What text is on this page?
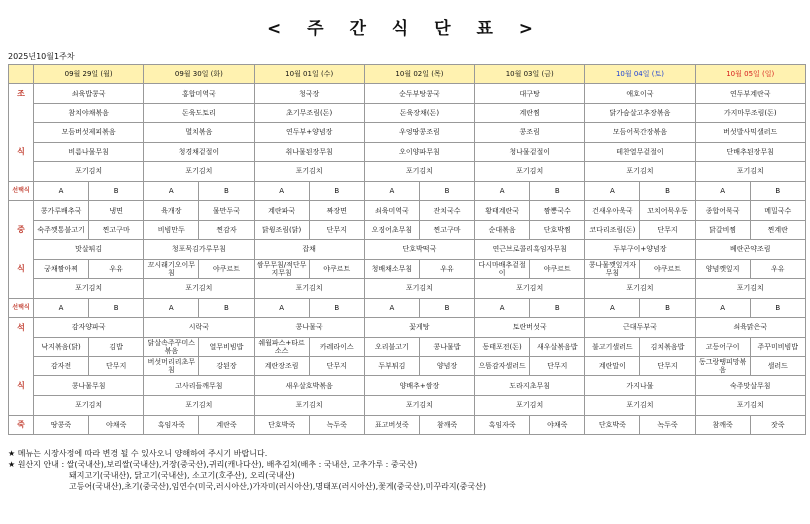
< 주 간 식 단 표 >
2025년10월1주차
	09월 29일 (월)		09월 30일 (화)		10월 01일 (수)		10월 02일 (목)		10월 03일 (금)		10월 04일 (토)		10월 05일 (일)	
조	쇠육밥콩국		홍합미역국		청국장		순두부탕콩국		대구탕		애호이국		연두부계란국	
	참치야채볶음		돈육도토리		초기무조림(돈)		돈육장채(돈)		계란찜		닭가슴살고추장볶음		가지마무조림(돈)	
	모듬버섯제피볶음		멸치볶음		연두부+양념장		우엉땅콩조림		콩조림		모듬어묵간장볶음		버섯발사믹샐러드	
식	비름나물무침		청경채겉절이		취나물된장무침		오이양파무침		청나물겉절이		테찬열무겉절이		단배추된장무침	
	포기김치		포기김치		포기김치		포기김치		포기김치		포기김치		포기김치	
선택식	A	B	A	B	A	B	A	B	A	B	A	B	A	B
	콩가루배추국	냉면	육개장	물만두국	계란파국	짜장면	쇠육미역국	잔치국수	황태계란국	짬뽕국수	건새우아욱국	꼬치어묵우동	종합어묵국	메밀국수
중	숙주깻통불고기	찐고구마	비빔만두	찐감자	닭윙조림(닭)	단무지	오징어초무침	찐고구마	순대볶음	단호박찜	코다리조림(돈)	단무지	닭갈비찜	찐계란
	맛살튀김		청포묵김가루무침		잡채		단호박떡국		연근브로콜리흑임자무침		두부구이+양념장		베란곤약조림	
식	궁채짬아찌	우유	꼬시래기오이무침	야쿠르트	쌈무무침/적단무지무침	야쿠르트	청배채소무침	우유	다시마배추겉절이	야쿠르트	콩나물깻잎겨자무침	야쿠르트	양념깻잎지	우유
	포기김치		포기김치		포기김치		포기김치		포기김치		포기김치		포기김치	
선택식	A	B	A	B	A	B	A	B	A	B	A	B	A	B
석	감자양파국		시락국		콩나물국		꽃게탕		토란버섯국		근대두부국		쇠육맑은국	
	낙지볶음(닭)	김밥	닭살속주꾸미스볶음	열무비빔밥	쉐월파스+타르소스	카레라이스	오리불고기	콩나물밥	동태포전(돈)	새우살볶음밥	불고기샐러드	김치볶음밥	고등어구이	주꾸미비빔밥
	감자전	단무지	버섯머리리초무침	강된장	계란장조림	단무지	두부튀김	양념장	으뜸감자샐러드	단무지	계란말이	단무지	동그랑땡피망볶음	샐러드
식	콩나물무침		고사리들깨무침		새우살호박볶음		양배추+쌈장		도라지초무침		가지나물		숙주맛살무침	
	포기김치		포기김치		포기김치		포기김치		포기김치		포기김치		포기김치	
죽	땅콩죽	야채죽	흑임자죽	계란죽	단호박죽	녹두죽	표고버섯죽	참깨죽	흑임자죽	야채죽	단호박죽	녹두죽	참깨죽	잣죽
★ 메뉴는 시장사정에 따라 변경 될 수 있사오니 양해하여 주시기 바랍니다.
★ 원산지 안내 : 쌀(국내산),보리쌀(국내산),거장(중국산),귀리(캐나다산), 배추김치(배추 : 국내산, 고추가루 : 중국산)
돼지고기(국내산), 닭고기(국내산), 소고기(호주산), 오리(국내산)
고등어(국내산),초기(중국산),임연수(미국,러시아산,)가자미(러시아산),명태포(러시아산),꽃게(중국산),미꾸라지(중국산)
